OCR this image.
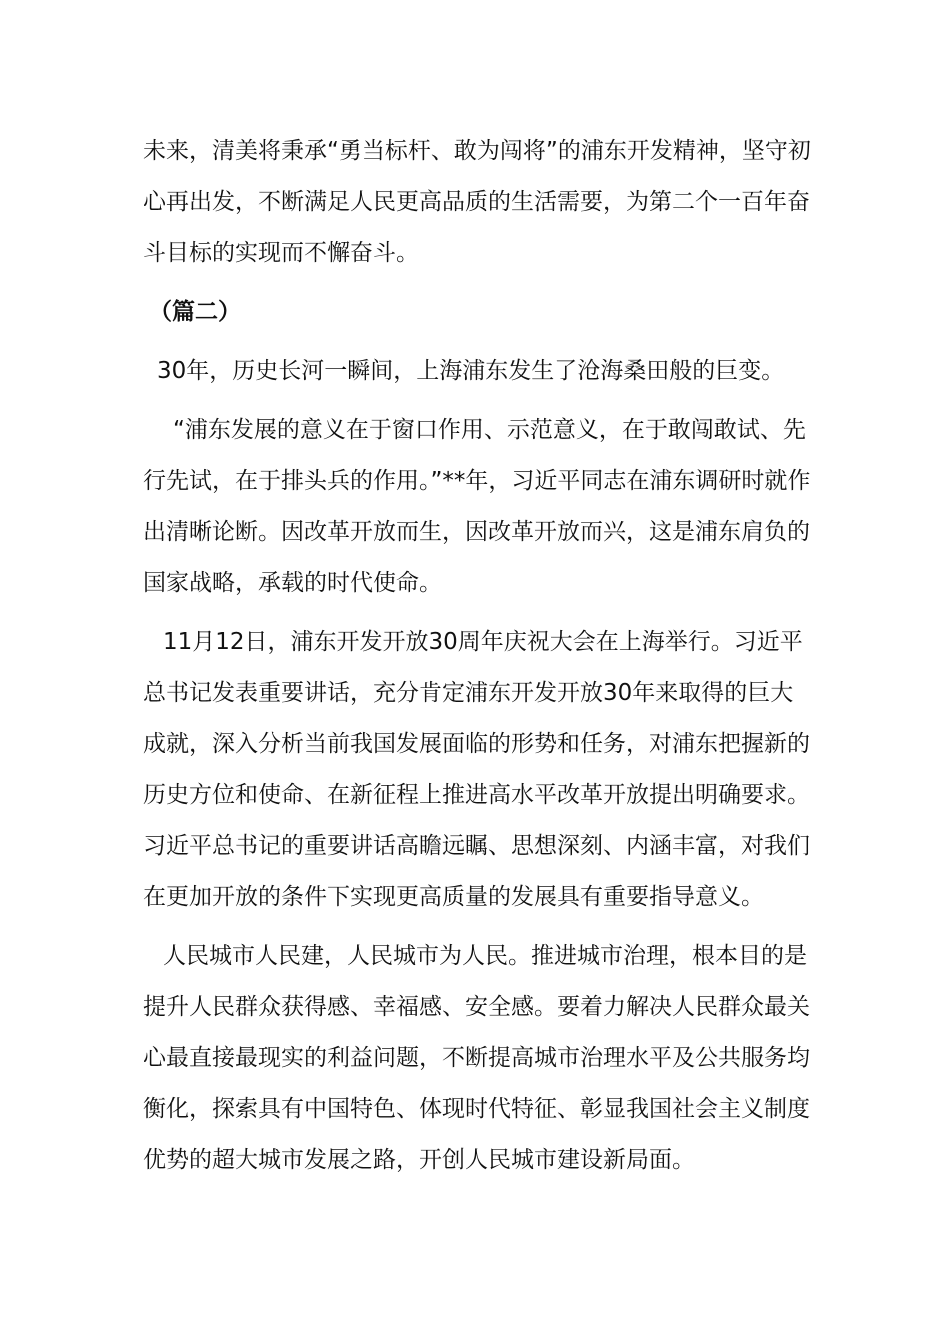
未来，清美将秉承“勇当标杆、敢为闯将”的浦东开发精神，坚守初心再出发，不断满足人民更高品质的生活需要，为第二个一百年奋斗目标的实现而不懈奋斗。

（篇二）

30年，历史长河一瞬间，上海浦东发生了沧海桑田般的巨变。

“浦东发展的意义在于窗口作用、示范意义，在于敢闯敢试、先行先试，在于排头兵的作用。”**年，习近平同志在浦东调研时就作出清晰论断。因改革开放而生，因改革开放而兴，这是浦东肩负的国家战略，承载的时代使命。

11月12日，浦东开发开放30周年庆祝大会在上海举行。习近平总书记发表重要讲话，充分肯定浦东开发开放30年来取得的巨大成就，深入分析当前我国发展面临的形势和任务，对浦东把握新的历史方位和使命、在新征程上推进高水平改革开放提出明确要求。习近平总书记的重要讲话高瞻远瞩、思想深刻、内涵丰富，对我们在更加开放的条件下实现更高质量的发展具有重要指导意义。

人民城市人民建，人民城市为人民。推进城市治理，根本目的是提升人民群众获得感、幸福感、安全感。要着力解决人民群众最关心最直接最现实的利益问题，不断提高城市治理水平及公共服务均衡化，探索具有中国特色、体现时代特征、彰显我国社会主义制度优势的超大城市发展之路，开创人民城市建设新局面。
